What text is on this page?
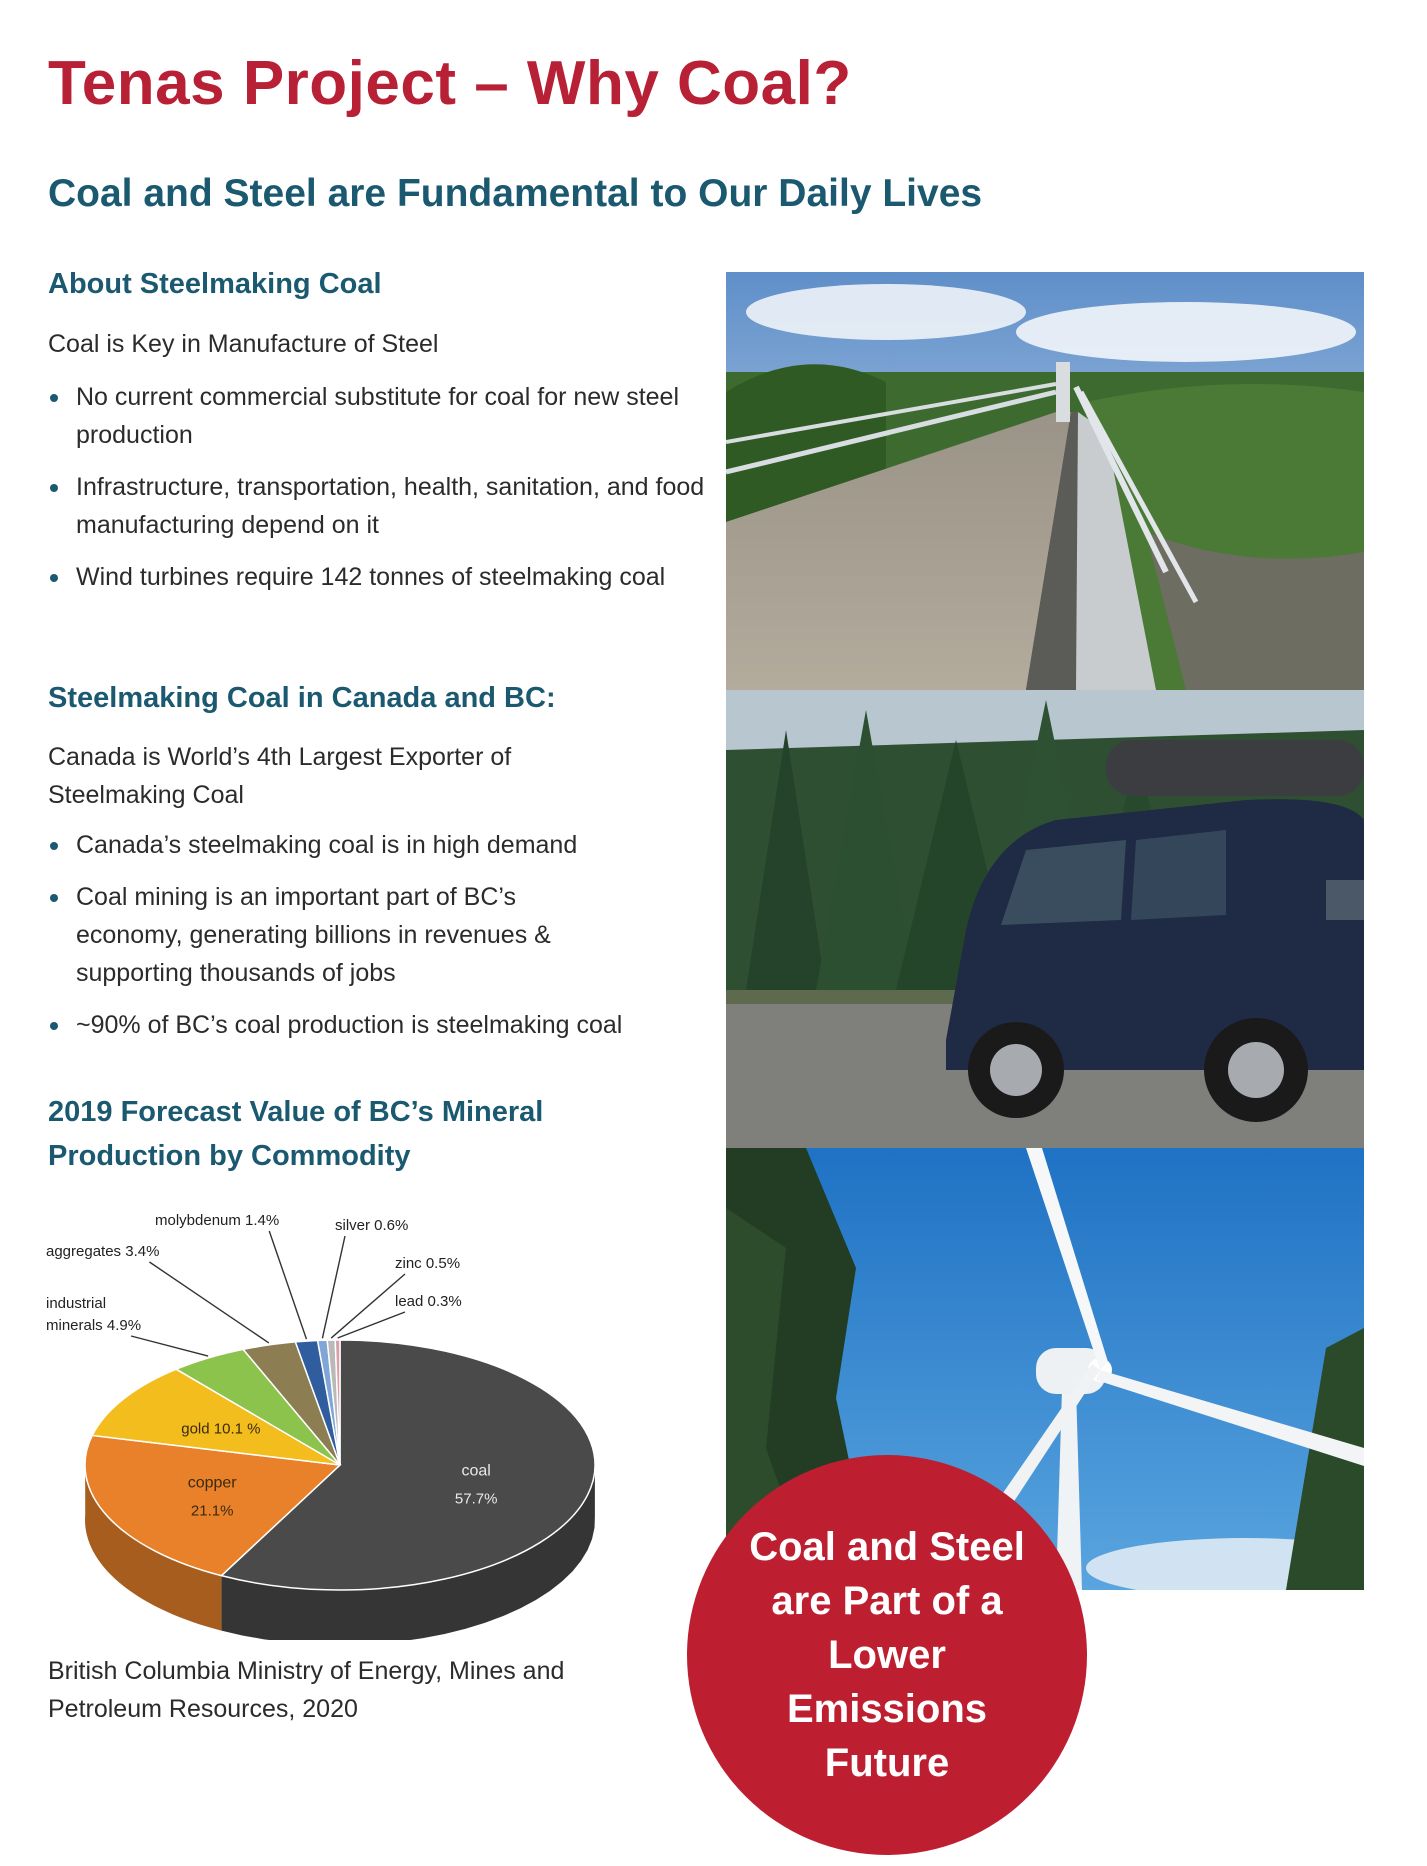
Tenas Project – Why Coal?
Coal and Steel are Fundamental to Our Daily Lives
About Steelmaking Coal

Coal is Key in Manufacture of Steel

No current commercial substitute for coal for new steel production
Infrastructure, transportation, health, sanitation, and food manufacturing depend on it
Wind turbines require 142 tonnes of steelmaking coal
Steelmaking Coal in Canada and BC:

Canada is World’s 4th Largest Exporter of Steelmaking Coal

Canada’s steelmaking coal is in high demand
Coal mining is an important part of BC’s economy, generating billions in revenues & supporting thousands of jobs
~90% of BC’s coal production is steelmaking coal
2019 Forecast Value of BC’s Mineral Production by Commodity
coal
57.7%
copper
21.1%
gold 10.1 %
industrial
minerals 4.9%
aggregates 3.4%
molybdenum 1.4%	silver 0.6%
zinc 0.5%
lead 0.3%

British Columbia Ministry of Energy, Mines and Petroleum Resources, 2020

Coal and Steel are Part of a Lower Emissions Future
